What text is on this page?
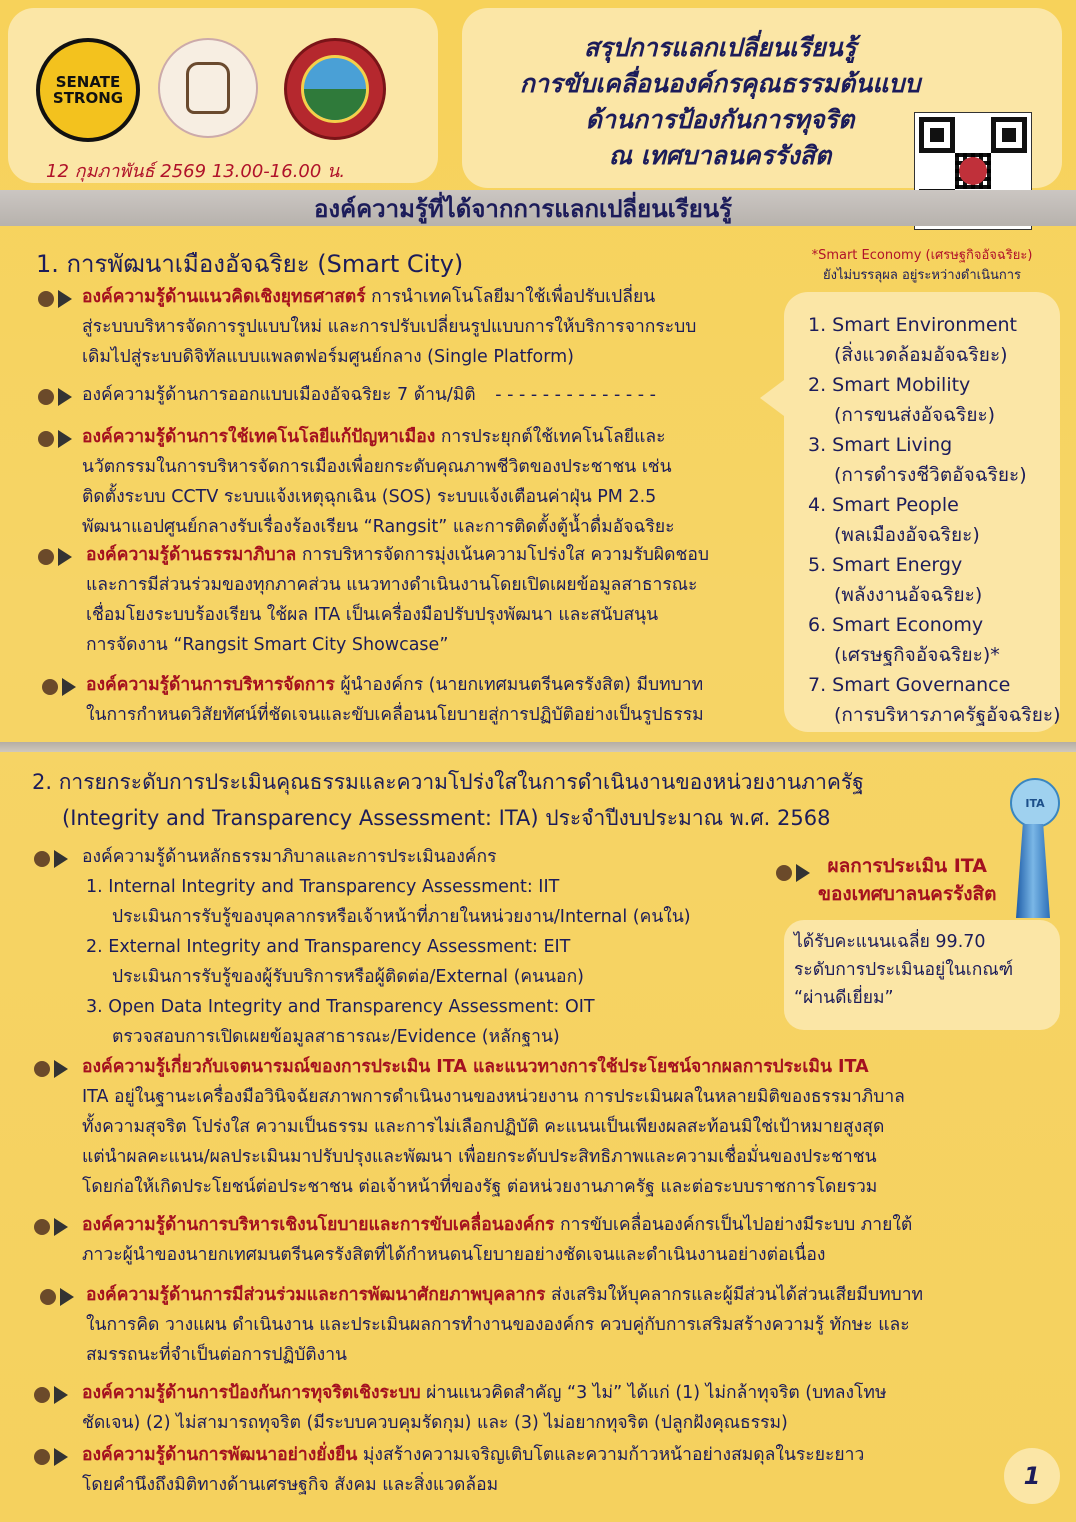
SENATE STRONG
12 กุมภาพันธ์ 2569 13.00-16.00 น.
สรุปการแลกเปลี่ยนเรียนรู้
การขับเคลื่อนองค์กรคุณธรรมต้นแบบ
ด้านการป้องกันการทุจริต
ณ เทศบาลนครรังสิต
องค์ความรู้ที่ได้จากการแลกเปลี่ยนเรียนรู้
1. การพัฒนาเมืองอัจฉริยะ (Smart City)	*Smart Economy (เศรษฐกิจอัจฉริยะ)
ยังไม่บรรลุผล อยู่ระหว่างดำเนินการ
1. Smart Environment
(สิ่งแวดล้อมอัจฉริยะ)
2. Smart Mobility
(การขนส่งอัจฉริยะ)
3. Smart Living
(การดำรงชีวิตอัจฉริยะ)
4. Smart People
(พลเมืองอัจฉริยะ)
5. Smart Energy
(พลังงานอัจฉริยะ)
6. Smart Economy
(เศรษฐกิจอัจฉริยะ)*
7. Smart Governance
(การบริหารภาครัฐอัจฉริยะ)
องค์ความรู้ด้านแนวคิดเชิงยุทธศาสตร์ การนำเทคโนโลยีมาใช้เพื่อปรับเปลี่ยน
สู่ระบบบริหารจัดการรูปแบบใหม่ และการปรับเปลี่ยนรูปแบบการให้บริการจากระบบ
เดิมไปสู่ระบบดิจิทัลแบบแพลตฟอร์มศูนย์กลาง (Single Platform)
องค์ความรู้ด้านการออกแบบเมืองอัจฉริยะ 7 ด้าน/มิติ - - - - - - - - - - - - - -
องค์ความรู้ด้านการใช้เทคโนโลยีแก้ปัญหาเมือง การประยุกต์ใช้เทคโนโลยีและ
นวัตกรรมในการบริหารจัดการเมืองเพื่อยกระดับคุณภาพชีวิตของประชาชน เช่น
ติดตั้งระบบ CCTV ระบบแจ้งเหตุฉุกเฉิน (SOS) ระบบแจ้งเตือนค่าฝุ่น PM 2.5
พัฒนาแอปศูนย์กลางรับเรื่องร้องเรียน “Rangsit” และการติดตั้งตู้น้ำดื่มอัจฉริยะ
องค์ความรู้ด้านธรรมาภิบาล การบริหารจัดการมุ่งเน้นความโปร่งใส ความรับผิดชอบ
และการมีส่วนร่วมของทุกภาคส่วน แนวทางดำเนินงานโดยเปิดเผยข้อมูลสาธารณะ
เชื่อมโยงระบบร้องเรียน ใช้ผล ITA เป็นเครื่องมือปรับปรุงพัฒนา และสนับสนุน
การจัดงาน “Rangsit Smart City Showcase”
องค์ความรู้ด้านการบริหารจัดการ ผู้นำองค์กร (นายกเทศมนตรีนครรังสิต) มีบทบาท
ในการกำหนดวิสัยทัศน์ที่ชัดเจนและขับเคลื่อนนโยบายสู่การปฏิบัติอย่างเป็นรูปธรรม
2. การยกระดับการประเมินคุณธรรมและความโปร่งใสในการดำเนินงานของหน่วยงานภาครัฐ
(Integrity and Transparency Assessment: ITA) ประจำปีงบประมาณ พ.ศ. 2568
ITA
ผลการประเมิน ITA
ของเทศบาลนครรังสิต
ได้รับคะแนนเฉลี่ย 99.70
ระดับการประเมินอยู่ในเกณฑ์
“ผ่านดีเยี่ยม”
องค์ความรู้ด้านหลักธรรมาภิบาลและการประเมินองค์กร
1. Internal Integrity and Transparency Assessment: IIT
ประเมินการรับรู้ของบุคลากรหรือเจ้าหน้าที่ภายในหน่วยงาน/Internal (คนใน)
2. External Integrity and Transparency Assessment: EIT
ประเมินการรับรู้ของผู้รับบริการหรือผู้ติดต่อ/External (คนนอก)
3. Open Data Integrity and Transparency Assessment: OIT
ตรวจสอบการเปิดเผยข้อมูลสาธารณะ/Evidence (หลักฐาน)
องค์ความรู้เกี่ยวกับเจตนารมณ์ของการประเมิน ITA และแนวทางการใช้ประโยชน์จากผลการประเมิน ITA
ITA อยู่ในฐานะเครื่องมือวินิจฉัยสภาพการดำเนินงานของหน่วยงาน การประเมินผลในหลายมิติของธรรมาภิบาล
ทั้งความสุจริต โปร่งใส ความเป็นธรรม และการไม่เลือกปฏิบัติ คะแนนเป็นเพียงผลสะท้อนมิใช่เป้าหมายสูงสุด
แต่นำผลคะแนน/ผลประเมินมาปรับปรุงและพัฒนา เพื่อยกระดับประสิทธิภาพและความเชื่อมั่นของประชาชน
โดยก่อให้เกิดประโยชน์ต่อประชาชน ต่อเจ้าหน้าที่ของรัฐ ต่อหน่วยงานภาครัฐ และต่อระบบราชการโดยรวม
องค์ความรู้ด้านการบริหารเชิงนโยบายและการขับเคลื่อนองค์กร การขับเคลื่อนองค์กรเป็นไปอย่างมีระบบ ภายใต้
ภาวะผู้นำของนายกเทศมนตรีนครรังสิตที่ได้กำหนดนโยบายอย่างชัดเจนและดำเนินงานอย่างต่อเนื่อง
องค์ความรู้ด้านการมีส่วนร่วมและการพัฒนาศักยภาพบุคลากร ส่งเสริมให้บุคลากรและผู้มีส่วนได้ส่วนเสียมีบทบาท
ในการคิด วางแผน ดำเนินงาน และประเมินผลการทำงานขององค์กร ควบคู่กับการเสริมสร้างความรู้ ทักษะ และ
สมรรถนะที่จำเป็นต่อการปฏิบัติงาน
องค์ความรู้ด้านการป้องกันการทุจริตเชิงระบบ ผ่านแนวคิดสำคัญ “3 ไม่” ได้แก่ (1) ไม่กล้าทุจริต (บทลงโทษ
ชัดเจน) (2) ไม่สามารถทุจริต (มีระบบควบคุมรัดกุม) และ (3) ไม่อยากทุจริต (ปลูกฝังคุณธรรม)
องค์ความรู้ด้านการพัฒนาอย่างยั่งยืน มุ่งสร้างความเจริญเติบโตและความก้าวหน้าอย่างสมดุลในระยะยาว
โดยคำนึงถึงมิติทางด้านเศรษฐกิจ สังคม และสิ่งแวดล้อม	1
